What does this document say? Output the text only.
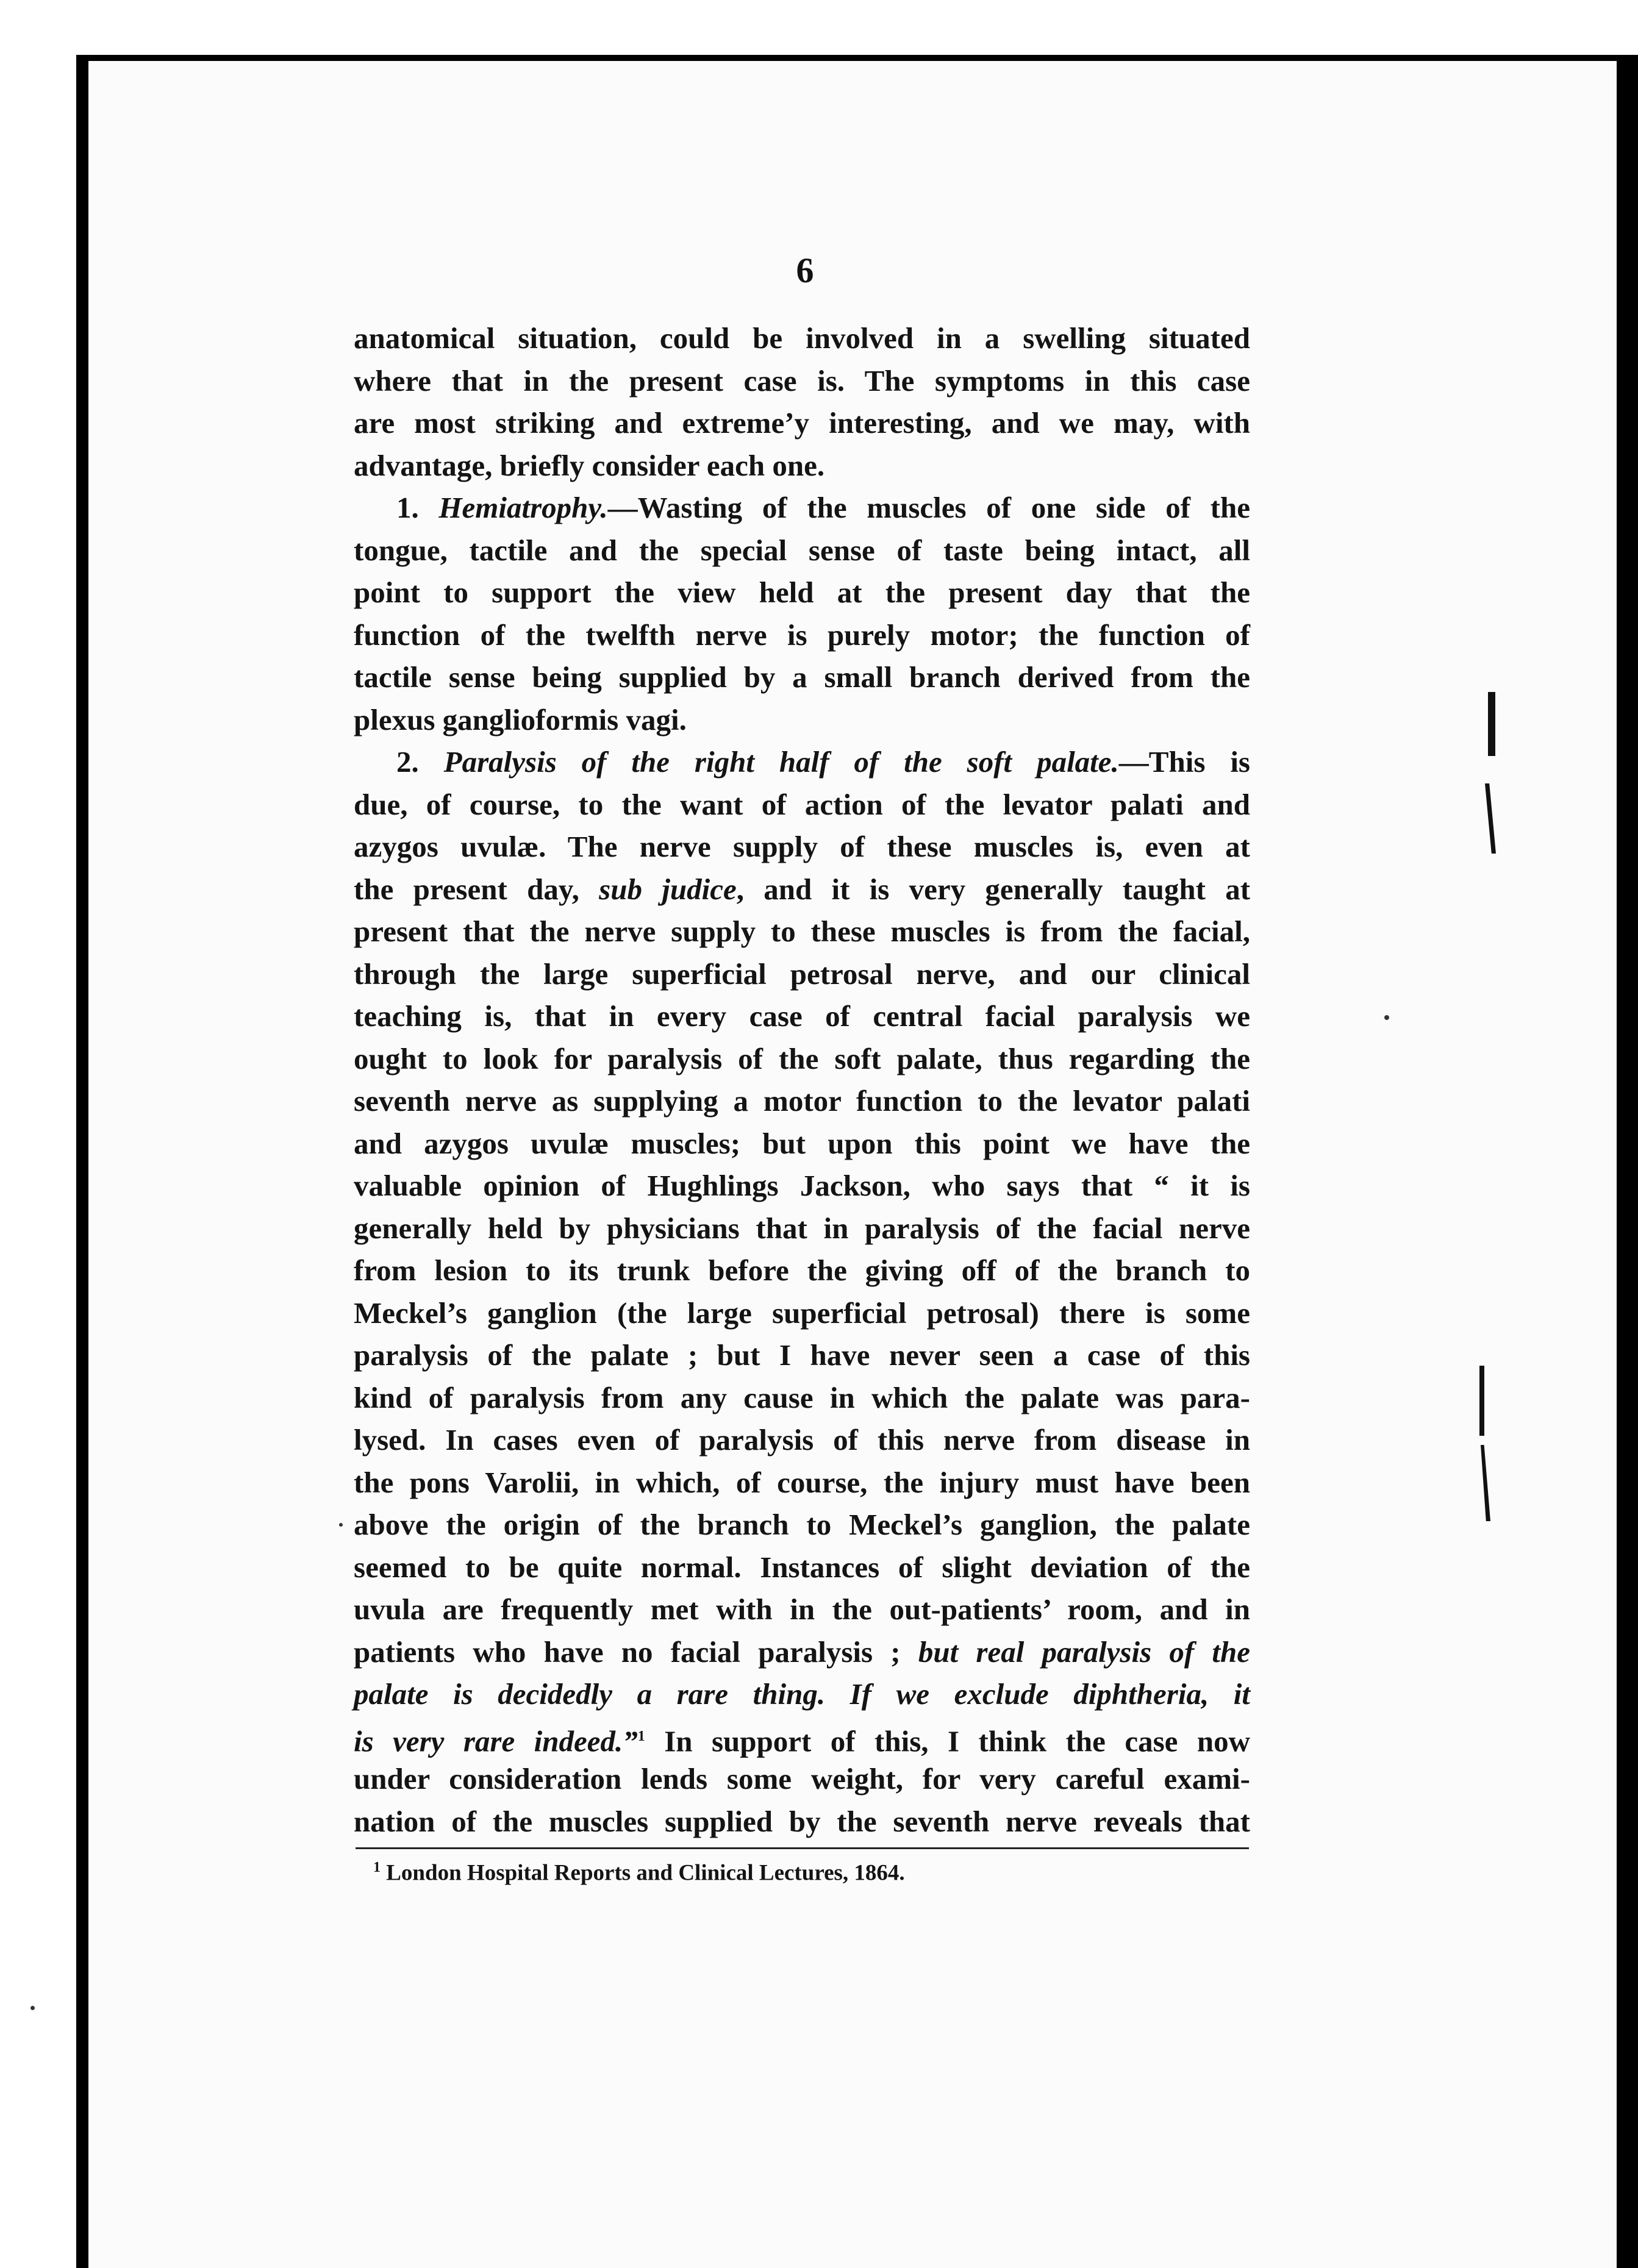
6
anatomical situation, could be involved in a swelling situated
where that in the present case is. The symptoms in this case
are most striking and extremeʼy interesting, and we may, with
advantage, briefly consider each one.
1. Hemiatrophy.—Wasting of the muscles of one side of the
tongue, tactile and the special sense of taste being intact, all
point to support the view held at the present day that the
function of the twelfth nerve is purely motor; the function of
tactile sense being supplied by a small branch derived from the
plexus ganglioformis vagi.
2. Paralysis of the right half of the soft palate.—This is
due, of course, to the want of action of the levator palati and
azygos uvulæ. The nerve supply of these muscles is, even at
the present day, sub judice, and it is very generally taught at
present that the nerve supply to these muscles is from the facial,
through the large superficial petrosal nerve, and our clinical
teaching is, that in every case of central facial paralysis we
ought to look for paralysis of the soft palate, thus regarding the
seventh nerve as supplying a motor function to the levator palati
and azygos uvulæ muscles; but upon this point we have the
valuable opinion of Hughlings Jackson, who says that “ it is
generally held by physicians that in paralysis of the facial nerve
from lesion to its trunk before the giving off of the branch to
Meckel’s ganglion (the large superficial petrosal) there is some
paralysis of the palate ; but I have never seen a case of this
kind of paralysis from any cause in which the palate was para-
lysed. In cases even of paralysis of this nerve from disease in
the pons Varolii, in which, of course, the injury must have been
above the origin of the branch to Meckel’s ganglion, the palate
seemed to be quite normal. Instances of slight deviation of the
uvula are frequently met with in the out-patients’ room, and in
patients who have no facial paralysis ; but real paralysis of the
palate is decidedly a rare thing. If we exclude diphtheria, it
is very rare indeed.”$^1$ In support of this, I think the case now
under consideration lends some weight, for very careful exami-
nation of the muscles supplied by the seventh nerve reveals that
$^1$ London Hospital Reports and Clinical Lectures, 1864.
